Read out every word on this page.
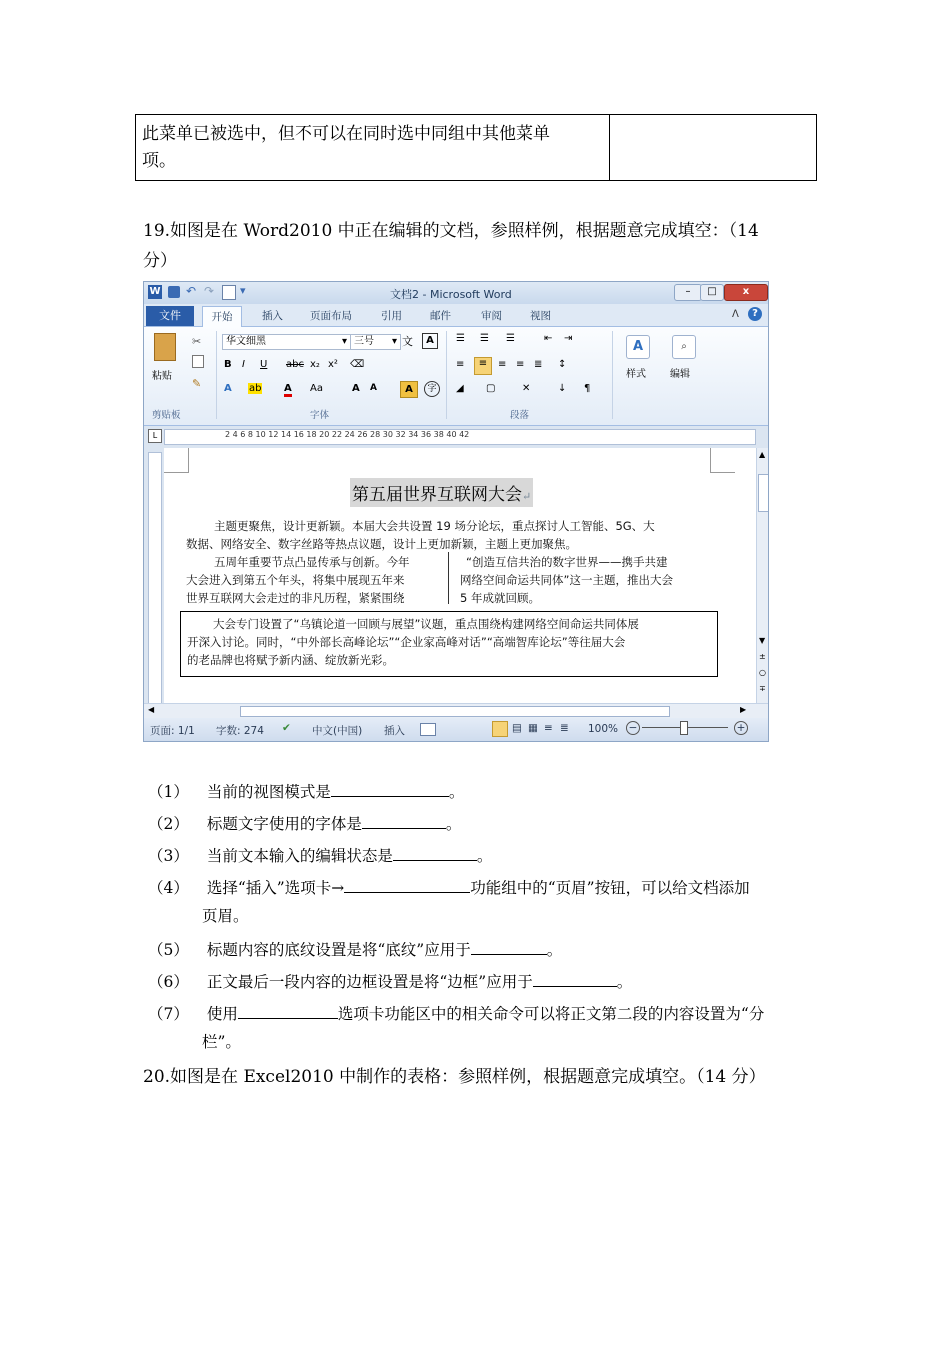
此菜单已被选中，但不可以在同时选中同组中其他菜单
项。
19.如图是在 Word2010 中正在编辑的文档，参照样例，根据题意完成填空：（14
分）
W ↶ ↷ ▾	文档2 - Microsoft Word	–	□	x
文件	开始	插入	页面布局	引用	邮件	审阅	视图	ᐱ	?
粘贴
✂
✎
剪贴板
华文细黑	▾ 三号 ▾ 文	A
B I U abc x₂ x² ⌫
A ab A Aa	A A	A	字
字体
☰ ☰ ☰	⇤ ⇥
≡	≡	≡ ≡ ≣ ↕
◢ ▢	✕	↓ ¶
段落
A
样式
⌕
编辑
L	2 4 6 8 10 12 14 16 18 20 22 24 26 28 30 32 34 36 38 40 42
第五届世界互联网大会↵
主题更聚焦，设计更新颖。本届大会共设置 19 场分论坛，重点探讨人工智能、5G、大
数据、网络安全、数字丝路等热点议题，设计上更加新颖，主题上更加聚焦。
五周年重要节点凸显传承与创新。今年
大会进入到第五个年头，将集中展现五年来
世界互联网大会走过的非凡历程，紧紧围绕
“创造互信共治的数字世界——携手共建
网络空间命运共同体”这一主题，推出大会
5 年成就回顾。
大会专门设置了“乌镇论道一回顾与展望”议题，重点围绕构建网络空间命运共同体展
开深入讨论。同时，“中外部长高峰论坛”“企业家高峰对话”“高端智库论坛”等往届大会
的老品牌也将赋予新内涵、绽放新光彩。
▲
▼
±
○
∓
◀	▶
页面: 1/1 字数: 274 ✔ 中文(中国) 插入	▤ ▦ ≡ ≣ 100% −	+
（1） 当前的视图模式是	。
（2） 标题文字使用的字体是	。
（3） 当前文本输入的编辑状态是	。
（4） 选择“插入”选项卡→	功能组中的“页眉”按钮，可以给文档添加
页眉。
（5） 标题内容的底纹设置是将“底纹”应用于	。
（6） 正文最后一段内容的边框设置是将“边框”应用于	。
（7） 使用	选项卡功能区中的相关命令可以将正文第二段的内容设置为“分
栏”。
20.如图是在 Excel2010 中制作的表格：参照样例，根据题意完成填空。（14 分）
